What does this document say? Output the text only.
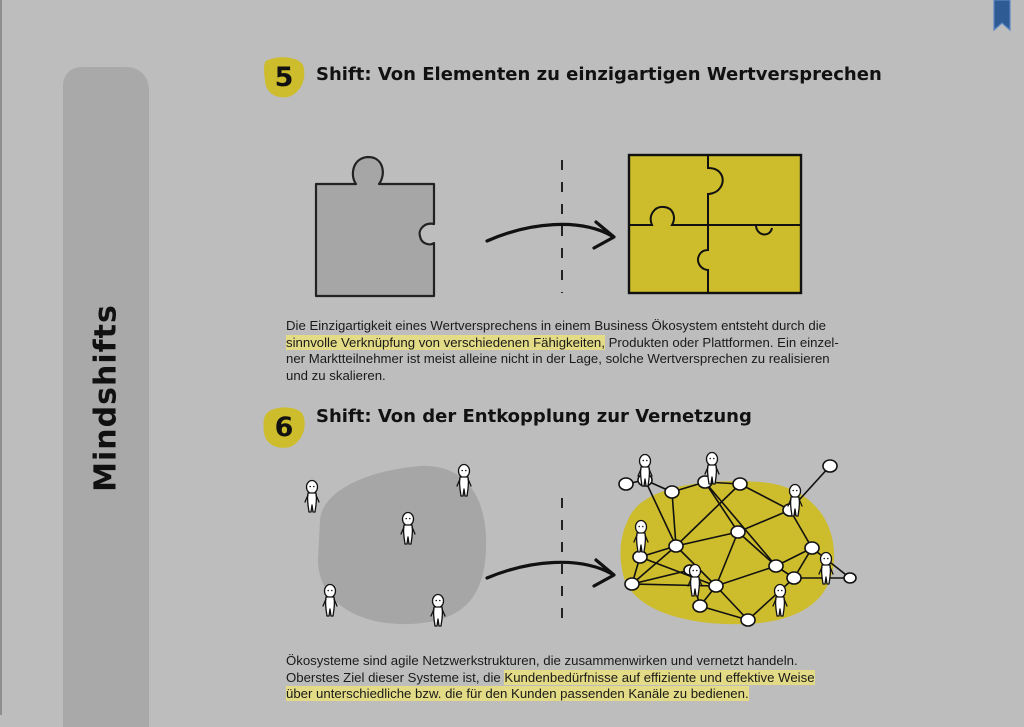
Mindshifts
5 Shift: Von Elementen zu einzigartigen Wertversprechen
Die Einzigartigkeit eines Wertversprechens in einem Business Ökosystem entsteht durch die
sinnvolle Verknüpfung von verschiedenen Fähigkeiten, Produkten oder Plattformen. Ein einzel-
ner Marktteilnehmer ist meist alleine nicht in der Lage, solche Wertversprechen zu realisieren
und zu skalieren.
6 Shift: Von der Entkopplung zur Vernetzung
Ökosysteme sind agile Netzwerkstrukturen, die zusammenwirken und vernetzt handeln.
Oberstes Ziel dieser Systeme ist, die Kundenbedürfnisse auf effiziente und effektive Weise
über unterschiedliche bzw. die für den Kunden passenden Kanäle zu bedienen.
